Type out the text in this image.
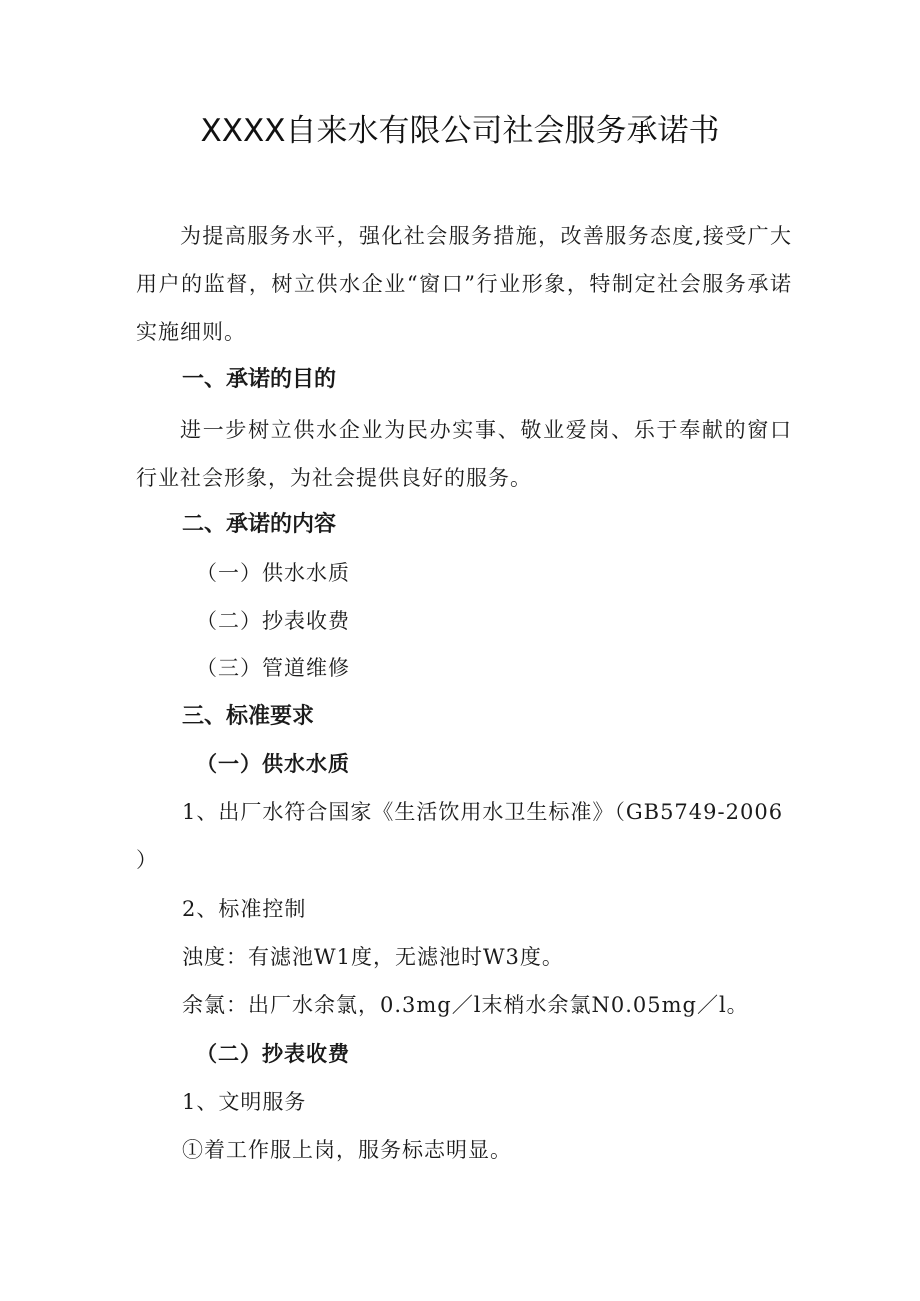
XXXX自来水有限公司社会服务承诺书
为提高服务水平，强化社会服务措施，改善服务态度,接受广大用户的监督，树立供水企业“窗口”行业形象，特制定社会服务承诺实施细则。
一、承诺的目的
进一步树立供水企业为民办实事、敬业爱岗、乐于奉献的窗口行业社会形象，为社会提供良好的服务。
二、承诺的内容
（一）供水水质
（二）抄表收费
（三）管道维修
三、标准要求
（一）供水水质
1、出厂水符合国家《生活饮用水卫生标准》（GB5749-2006
）
2、标准控制
浊度：有滤池W1度，无滤池时W3度。
余氯：出厂水余氯，0.3mg／l末梢水余氯N0.05mg／l。
（二）抄表收费
1、文明服务
①着工作服上岗，服务标志明显。
